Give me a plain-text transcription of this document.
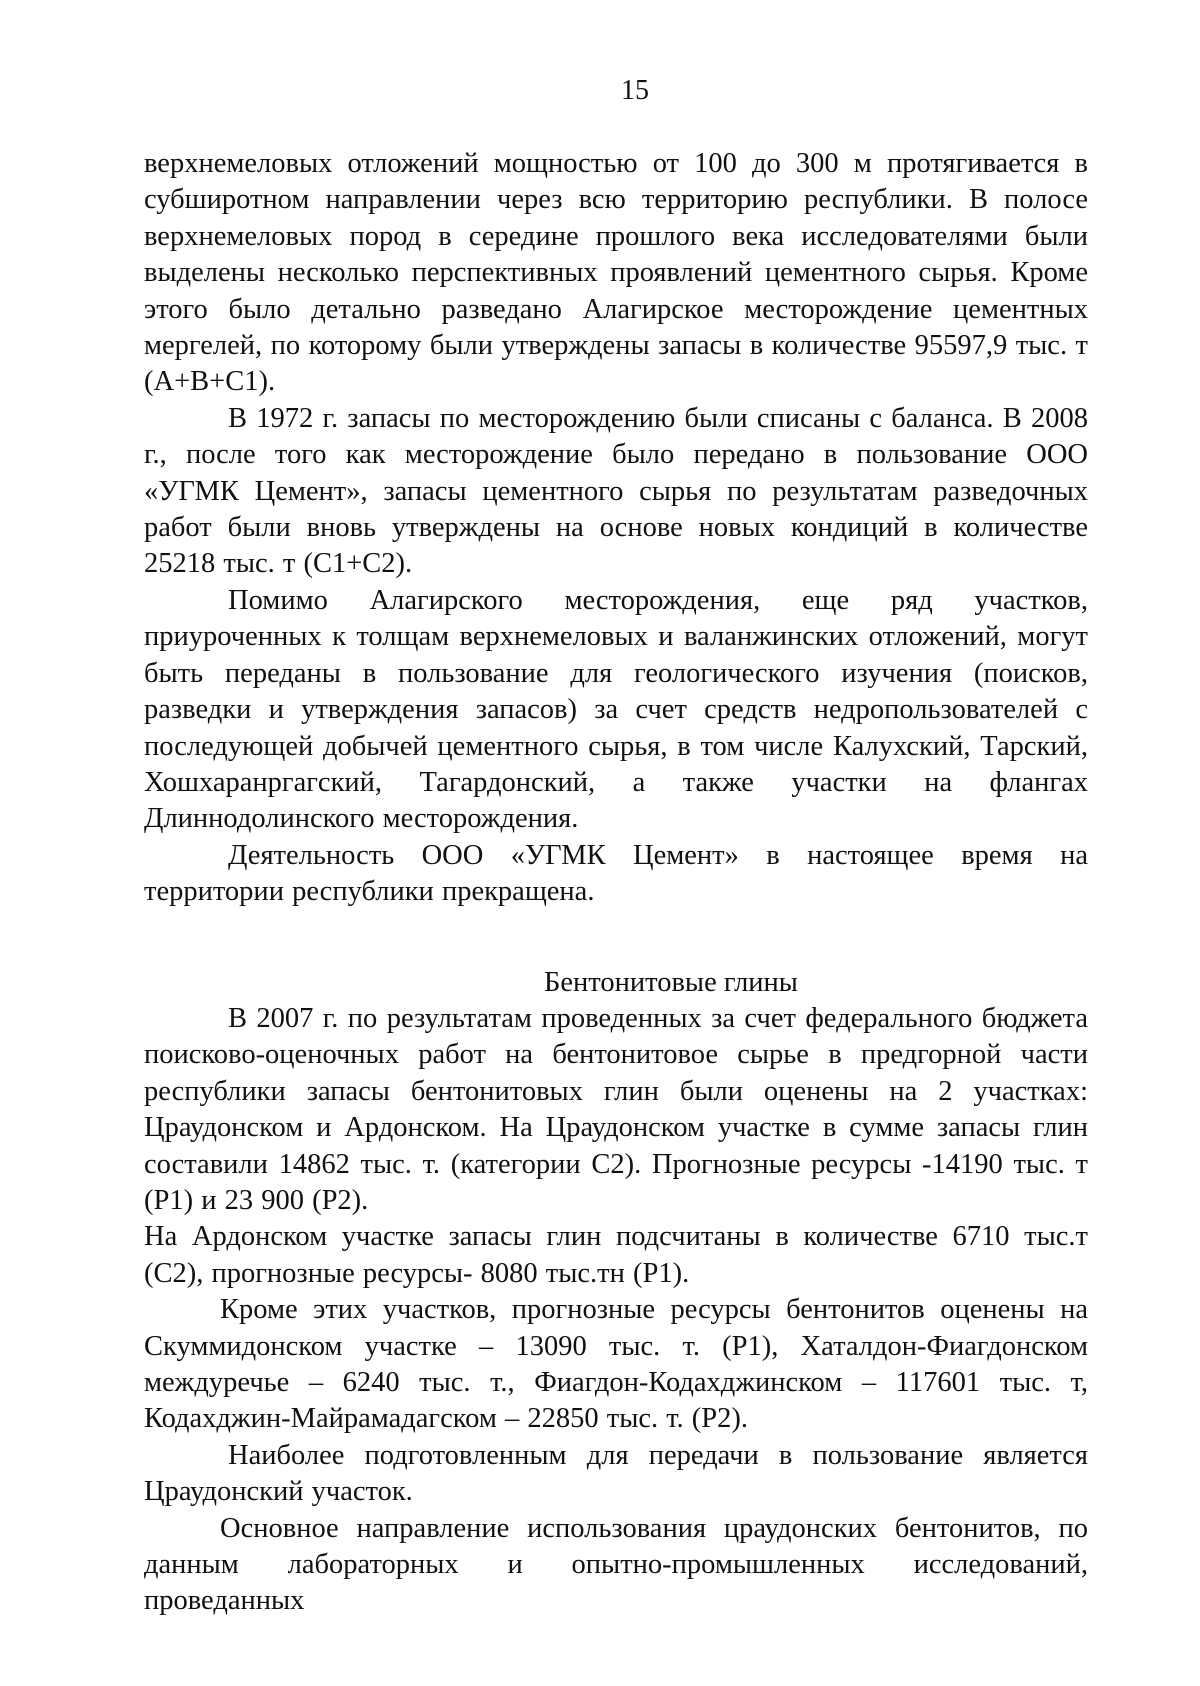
15

верхнемеловых отложений мощностью от 100 до 300 м протягивается в субширотном направлении через всю территорию республики. В полосе верхнемеловых пород в середине прошлого века исследователями были выделены несколько перспективных проявлений цементного сырья. Кроме этого было детально разведано Алагирское месторождение цементных мергелей, по которому были утверждены запасы в количестве 95597,9 тыс. т (А+В+С1).

В 1972 г. запасы по месторождению были списаны с баланса. В 2008 г., после того как месторождение было передано в пользование ООО «УГМК Цемент», запасы цементного сырья по результатам разведочных работ были вновь утверждены на основе новых кондиций в количестве 25218 тыс. т (С1+С2).

Помимо Алагирского месторождения, еще ряд участков, приуроченных к толщам верхнемеловых и валанжинских отложений, могут быть переданы в пользование для геологического изучения (поисков, разведки и утверждения запасов) за счет средств недропользователей с последующей добычей цементного сырья, в том числе Калухский, Тарский, Хошхаранргагский, Тагардонский, а также участки на флангах Длиннодолинского месторождения.

Деятельность ООО «УГМК Цемент» в настоящее время на территории республики прекращена.

Бентонитовые глины

В 2007 г. по результатам проведенных за счет федерального бюджета поисково-оценочных работ на бентонитовое сырье в предгорной части республики запасы бентонитовых глин были оценены на 2 участках: Цраудонском и Ардонском. На Цраудонском участке в сумме запасы глин составили 14862 тыс. т. (категории С2). Прогнозные ресурсы -14190 тыс. т (Р1) и 23 900 (Р2).

На Ардонском участке запасы глин подсчитаны в количестве 6710 тыс.т (С2), прогнозные ресурсы- 8080 тыс.тн (Р1).

Кроме этих участков, прогнозные ресурсы бентонитов оценены на Скуммидонском участке – 13090 тыс. т. (Р1), Хаталдон-Фиагдонском междуречье – 6240 тыс. т., Фиагдон-Кодахджинском – 117601 тыс. т, Кодахджин-Майрамадагском – 22850 тыс. т. (Р2).

Наиболее подготовленным для передачи в пользование является Цраудонский участок.

Основное направление использования цраудонских бентонитов, по данным лабораторных и опытно-промышленных исследований, проведанных
